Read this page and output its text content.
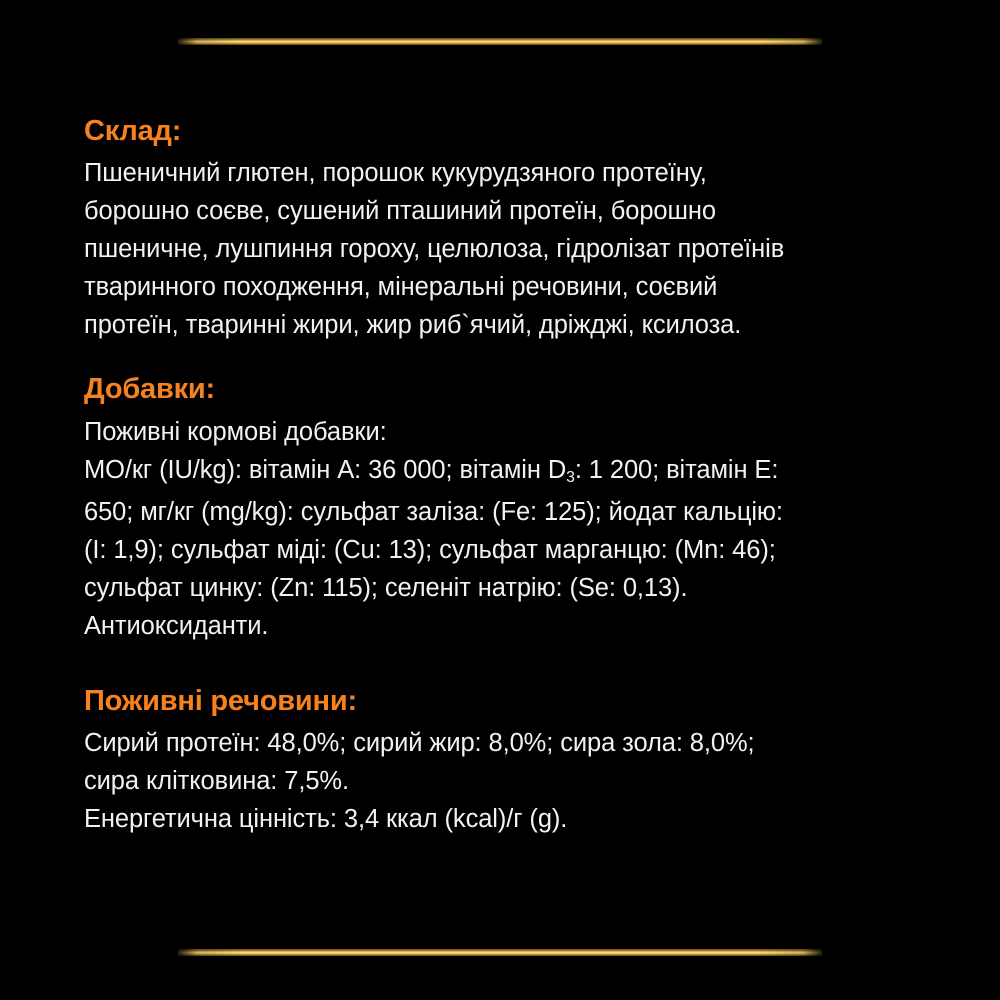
Склад:

Пшеничний глютен, порошок кукурудзяного протеїну,
борошно соєве, сушений пташиний протеїн, борошно
пшеничне, лушпиння гороху, целюлоза, гідролізат протеїнів
тваринного походження, мінеральні речовини, соєвий
протеїн, тваринні жири, жир риб`ячий, дріжджі, ксилоза.

Добавки:

Поживні кормові добавки:
МО/кг (IU/kg): вітамін A: 36 000; вітамін $D_3$: 1 200; вітамін E:
650; мг/кг (mg/kg): сульфат заліза: (Fe: 125); йодат кальцію:
(I: 1,9); сульфат міді: (Cu: 13); сульфат марганцю: (Mn: 46);
сульфат цинку: (Zn: 115); селеніт натрію: (Se: 0,13).
Антиоксиданти.

Поживні речовини:

Сирий протеїн: 48,0%; сирий жир: 8,0%; сира зола: 8,0%;
сира клітковина: 7,5%.
Енергетична цінність: 3,4 ккал (kcal)/г (g).
